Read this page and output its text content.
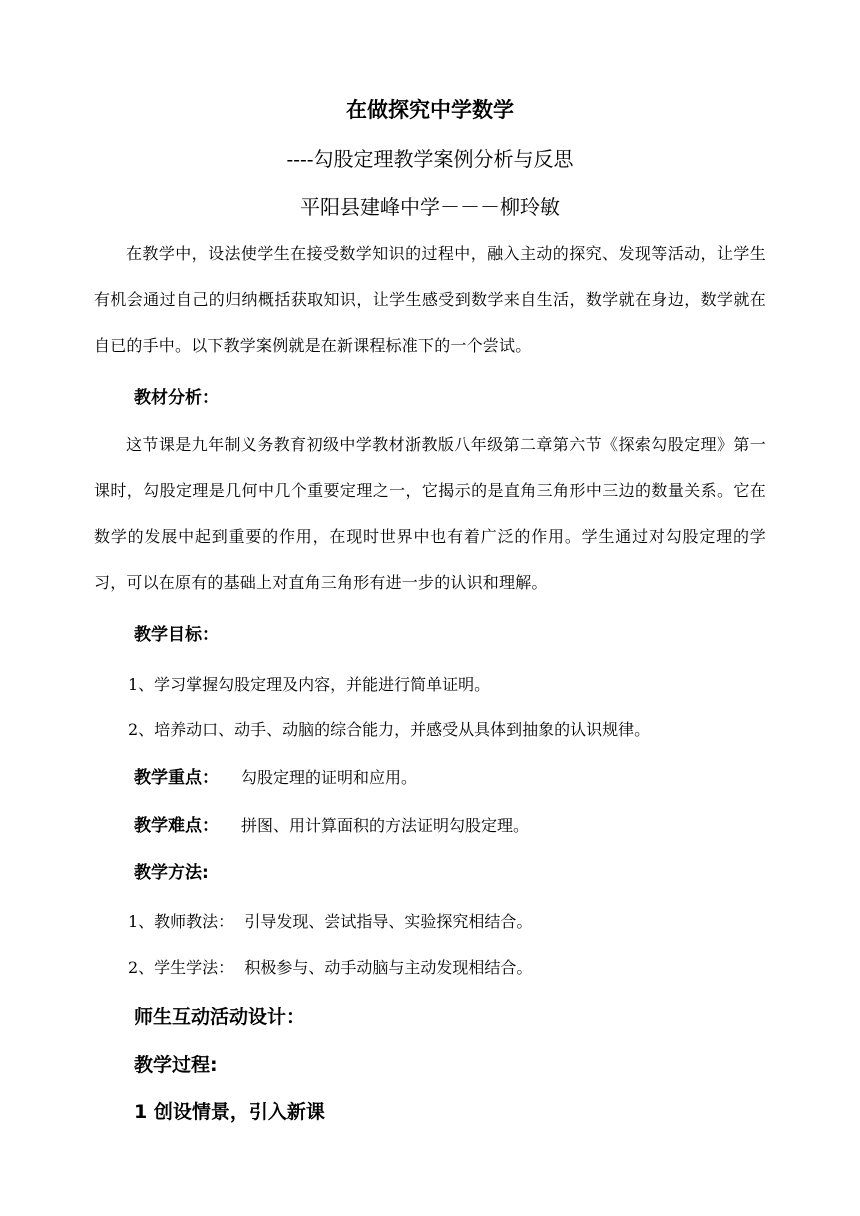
在做探究中学数学
----勾股定理教学案例分析与反思
平阳县建峰中学－－－柳玲敏
在教学中，设法使学生在接受数学知识的过程中，融入主动的探究、发现等活动，让学生有机会通过自己的归纳概括获取知识，让学生感受到数学来自生活，数学就在身边，数学就在自已的手中。以下教学案例就是在新课程标准下的一个尝试。
教材分析：
这节课是九年制义务教育初级中学教材浙教版八年级第二章第六节《探索勾股定理》第一课时，勾股定理是几何中几个重要定理之一，它揭示的是直角三角形中三边的数量关系。它在数学的发展中起到重要的作用，在现时世界中也有着广泛的作用。学生通过对勾股定理的学习，可以在原有的基础上对直角三角形有进一步的认识和理解。
教学目标：
1、学习掌握勾股定理及内容，并能进行简单证明。
2、培养动口、动手、动脑的综合能力，并感受从具体到抽象的认识规律。
教学重点： 勾股定理的证明和应用。
教学难点： 拼图、用计算面积的方法证明勾股定理。
教学方法:
1、教师教法：  引导发现、尝试指导、实验探究相结合。
2、学生学法：  积极参与、动手动脑与主动发现相结合。
师生互动活动设计：
教学过程:
1 创设情景，引入新课
